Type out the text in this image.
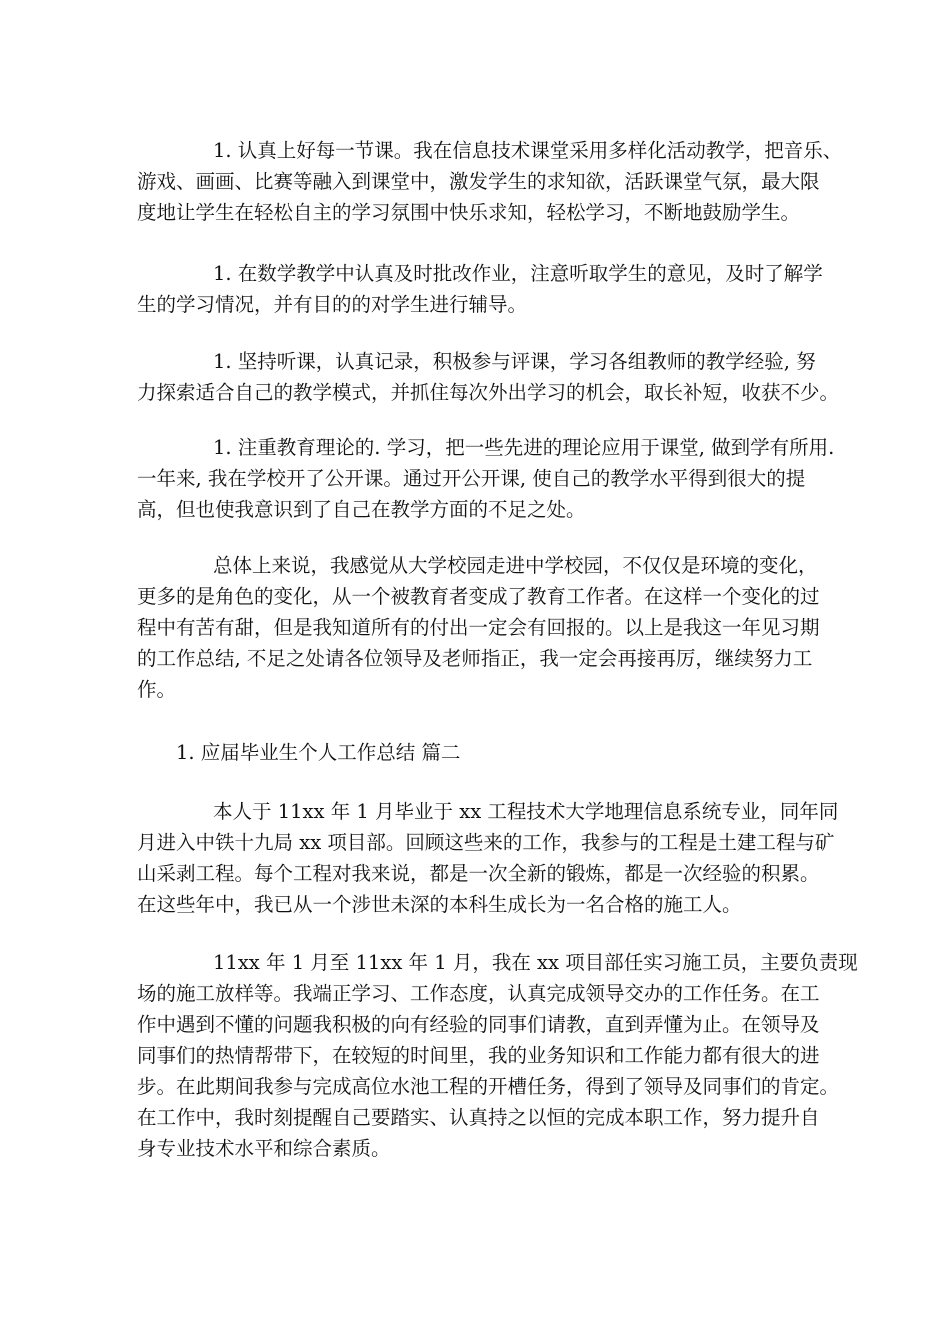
1. 认真上好每一节课。我在信息技术课堂采用多样化活动教学，把音乐、
游戏、画画、比赛等融入到课堂中，激发学生的求知欲，活跃课堂气氛，最大限
度地让学生在轻松自主的学习氛围中快乐求知，轻松学习，不断地鼓励学生。
1. 在数学教学中认真及时批改作业，注意听取学生的意见，及时了解学
生的学习情况，并有目的的对学生进行辅导。
1. 坚持听课，认真记录，积极参与评课，学习各组教师的教学经验, 努
力探索适合自己的教学模式，并抓住每次外出学习的机会，取长补短，收获不少。
1. 注重教育理论的. 学习，把一些先进的理论应用于课堂, 做到学有所用.
一年来, 我在学校开了公开课。通过开公开课, 使自己的教学水平得到很大的提
高，但也使我意识到了自己在教学方面的不足之处。
总体上来说，我感觉从大学校园走进中学校园，不仅仅是环境的变化，
更多的是角色的变化，从一个被教育者变成了教育工作者。在这样一个变化的过
程中有苦有甜，但是我知道所有的付出一定会有回报的。以上是我这一年见习期
的工作总结, 不足之处请各位领导及老师指正，我一定会再接再厉，继续努力工
作。

1. 应届毕业生个人工作总结 篇二

本人于 11xx 年 1 月毕业于 xx 工程技术大学地理信息系统专业，同年同
月进入中铁十九局 xx 项目部。回顾这些来的工作，我参与的工程是土建工程与矿
山采剥工程。每个工程对我来说，都是一次全新的锻炼，都是一次经验的积累。
在这些年中，我已从一个涉世未深的本科生成长为一名合格的施工人。
11xx 年 1 月至 11xx 年 1 月，我在 xx 项目部任实习施工员，主要负责现
场的施工放样等。我端正学习、工作态度，认真完成领导交办的工作任务。在工
作中遇到不懂的问题我积极的向有经验的同事们请教，直到弄懂为止。在领导及
同事们的热情帮带下，在较短的时间里，我的业务知识和工作能力都有很大的进
步。在此期间我参与完成高位水池工程的开槽任务，得到了领导及同事们的肯定。
在工作中，我时刻提醒自己要踏实、认真持之以恒的完成本职工作，努力提升自
身专业技术水平和综合素质。
